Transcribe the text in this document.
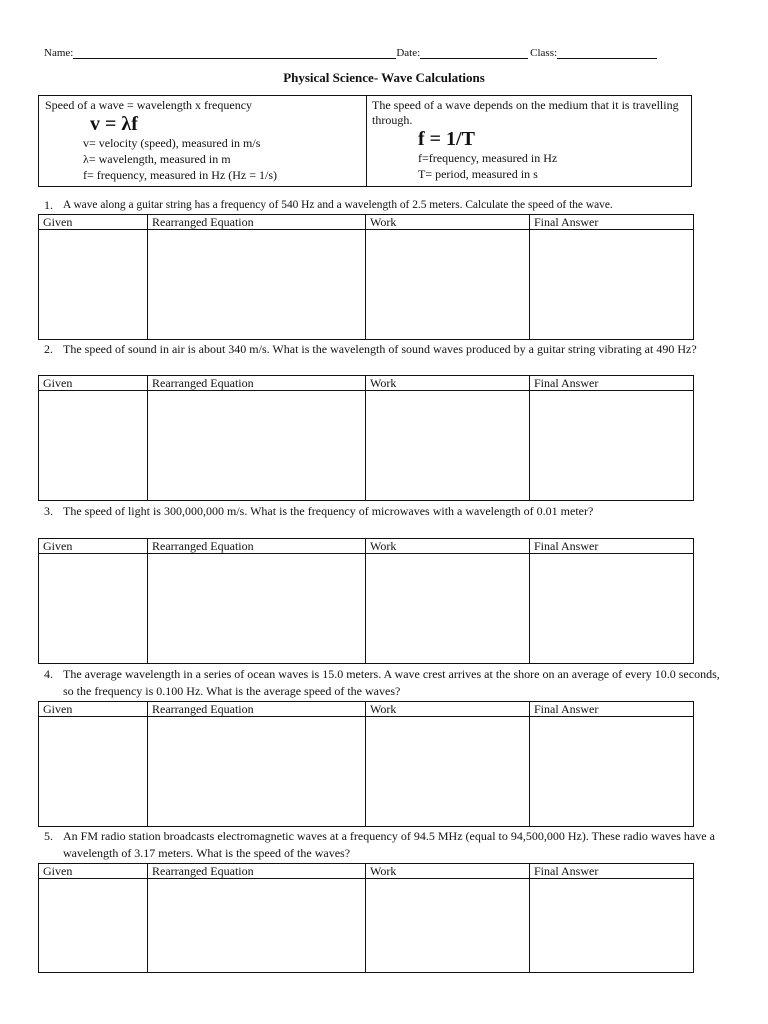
Name:	Date:	Class:
Physical Science- Wave Calculations
Speed of a wave = wavelength x frequency
v = λf
v= velocity (speed), measured in m/s
λ= wavelength, measured in m
f= frequency, measured in Hz (Hz = 1/s)
The speed of a wave depends on the medium that it is travelling through.
f = 1/T
f=frequency, measured in Hz
T= period, measured in s
1. A wave along a guitar string has a frequency of 540 Hz and a wavelength of 2.5 meters. Calculate the speed of the wave.
Given	Rearranged Equation	Work	Final Answer

2. The speed of sound in air is about 340 m/s. What is the wavelength of sound waves produced by a guitar string vibrating at 490 Hz?
Given	Rearranged Equation	Work	Final Answer

3. The speed of light is 300,000,000 m/s. What is the frequency of microwaves with a wavelength of 0.01 meter?
Given	Rearranged Equation	Work	Final Answer

4. The average wavelength in a series of ocean waves is 15.0 meters. A wave crest arrives at the shore on an average of every 10.0 seconds, so the frequency is 0.100 Hz. What is the average speed of the waves?
Given	Rearranged Equation	Work	Final Answer

5. An FM radio station broadcasts electromagnetic waves at a frequency of 94.5 MHz (equal to 94,500,000 Hz). These radio waves have a wavelength of 3.17 meters. What is the speed of the waves?
Given	Rearranged Equation	Work	Final Answer
